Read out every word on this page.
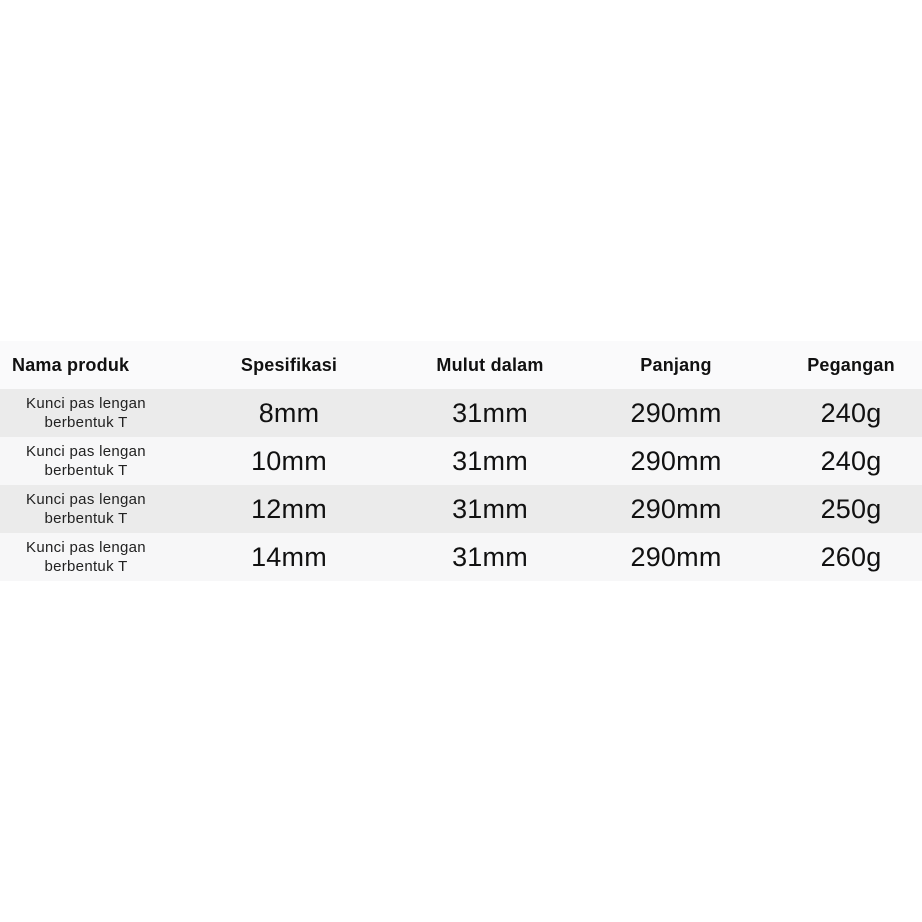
Nama produk	Spesifikasi	Mulut dalam	Panjang	Pegangan
Kunci pas lengan
berbentuk T	8mm	31mm	290mm	240g
Kunci pas lengan
berbentuk T	10mm	31mm	290mm	240g
Kunci pas lengan
berbentuk T	12mm	31mm	290mm	250g
Kunci pas lengan
berbentuk T	14mm	31mm	290mm	260g
